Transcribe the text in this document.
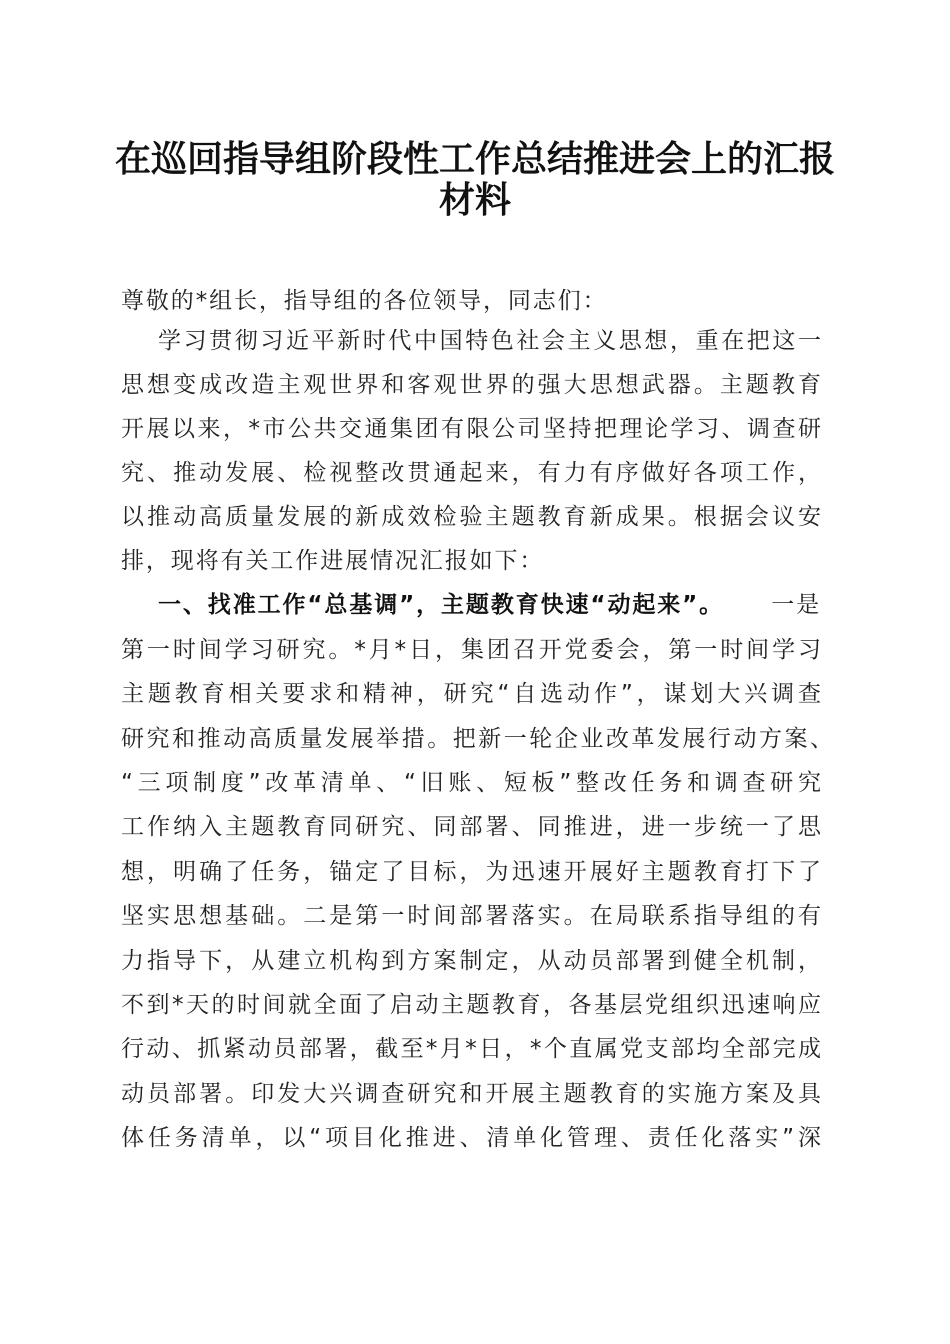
在巡回指导组阶段性工作总结推进会上的汇报
材料
尊敬的*组长，指导组的各位领导，同志们：
学习贯彻习近平新时代中国特色社会主义思想，重在把这一
思想变成改造主观世界和客观世界的强大思想武器。主题教育
开展以来，*市公共交通集团有限公司坚持把理论学习、调查研
究、推动发展、检视整改贯通起来，有力有序做好各项工作，
以推动高质量发展的新成效检验主题教育新成果。根据会议安
排，现将有关工作进展情况汇报如下：
一、找准工作“总基调”，主题教育快速“动起来”。 一是
第一时间学习研究。*月*日，集团召开党委会，第一时间学习
主题教育相关要求和精神，研究“自选动作”，谋划大兴调查
研究和推动高质量发展举措。把新一轮企业改革发展行动方案、
“三项制度”改革清单、“旧账、短板”整改任务和调查研究
工作纳入主题教育同研究、同部署、同推进，进一步统一了思
想，明确了任务，锚定了目标，为迅速开展好主题教育打下了
坚实思想基础。二是第一时间部署落实。在局联系指导组的有
力指导下，从建立机构到方案制定，从动员部署到健全机制，
不到*天的时间就全面了启动主题教育，各基层党组织迅速响应
行动、抓紧动员部署，截至*月*日，*个直属党支部均全部完成
动员部署。印发大兴调查研究和开展主题教育的实施方案及具
体任务清单，以“项目化推进、清单化管理、责任化落实”深
